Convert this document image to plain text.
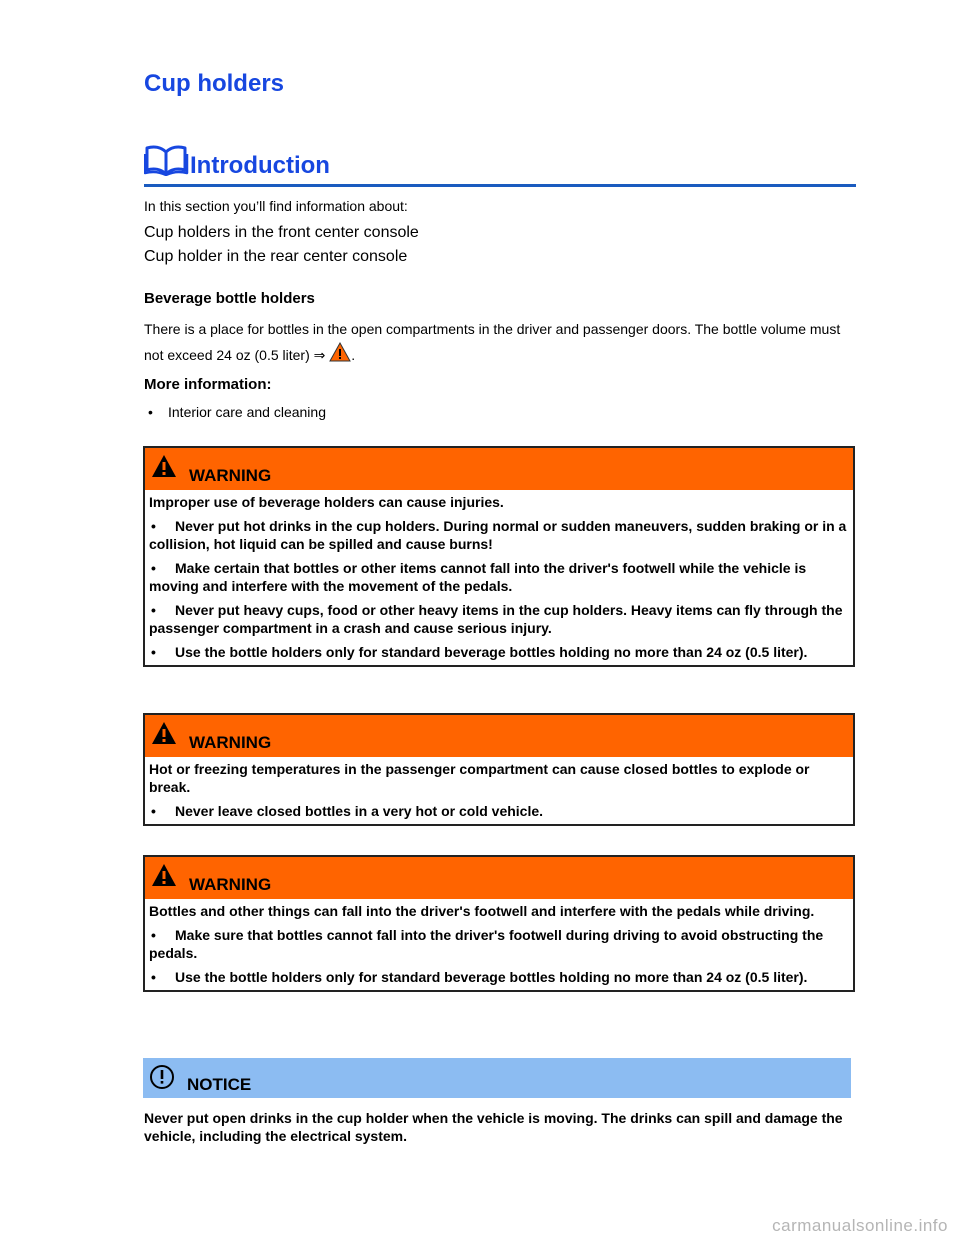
Cup holders
Introduction
In this section you’ll find information about:
Cup holders in the front center console
Cup holder in the rear center console
Beverage bottle holders
There is a place for bottles in the open compartments in the driver and passenger doors. The bottle volume must not exceed 24 oz (0.5 liter) ⇒ .
More information:
• Interior care and cleaning
WARNING
Improper use of beverage holders can cause injuries.
• Never put hot drinks in the cup holders. During normal or sudden maneuvers, sudden braking or in a collision, hot liquid can be spilled and cause burns!
• Make certain that bottles or other items cannot fall into the driver's footwell while the vehicle is moving and interfere with the movement of the pedals.
• Never put heavy cups, food or other heavy items in the cup holders. Heavy items can fly through the passenger compartment in a crash and cause serious injury.
• Use the bottle holders only for standard beverage bottles holding no more than 24 oz (0.5 liter).
WARNING
Hot or freezing temperatures in the passenger compartment can cause closed bottles to explode or break.
• Never leave closed bottles in a very hot or cold vehicle.
WARNING
Bottles and other things can fall into the driver's footwell and interfere with the pedals while driving.
• Make sure that bottles cannot fall into the driver's footwell during driving to avoid obstructing the pedals.
• Use the bottle holders only for standard beverage bottles holding no more than 24 oz (0.5 liter).
NOTICE
Never put open drinks in the cup holder when the vehicle is moving. The drinks can spill and damage the vehicle, including the electrical system.
carmanualsonline.info
